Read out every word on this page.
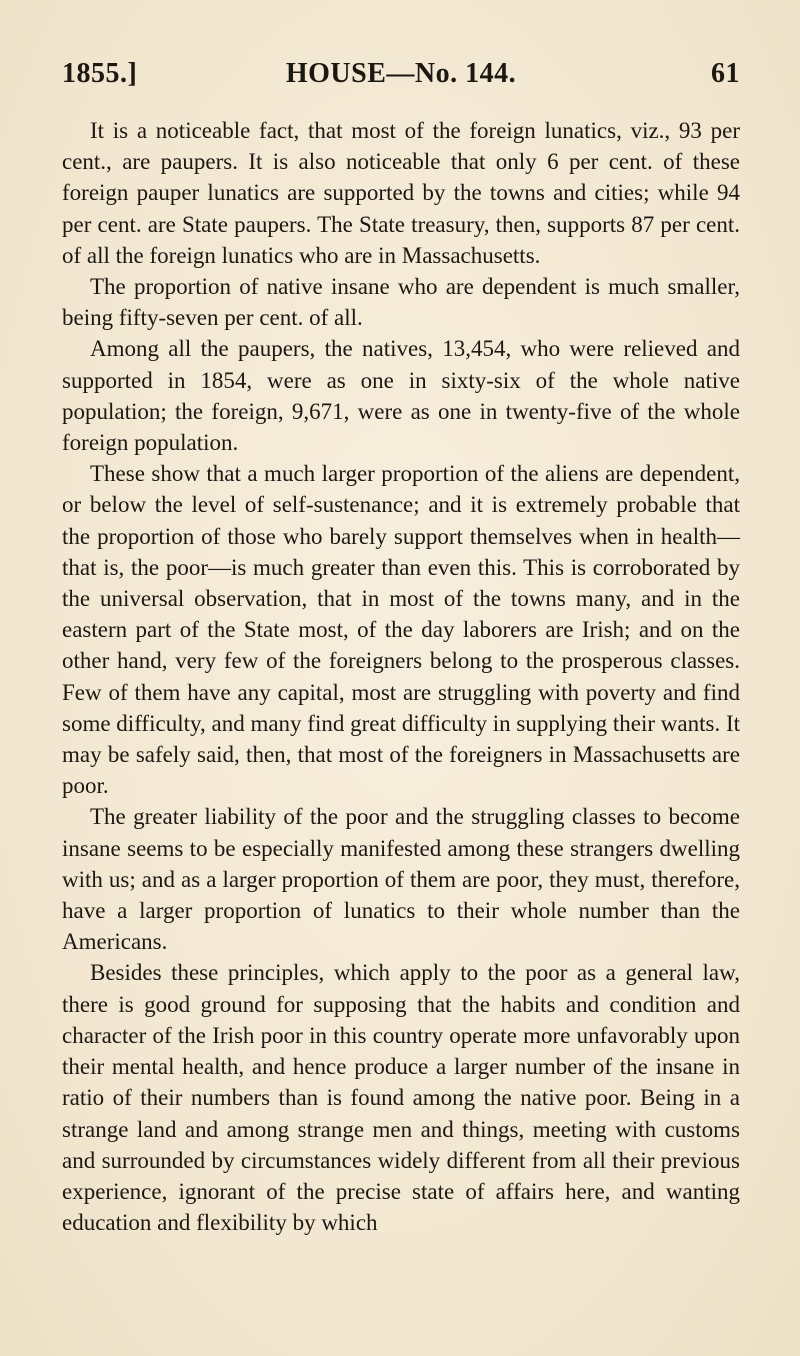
1855.]	HOUSE—No. 144.	61

It is a noticeable fact, that most of the foreign lunatics, viz., 93 per cent., are paupers. It is also noticeable that only 6 per cent. of these foreign pauper lunatics are supported by the towns and cities; while 94 per cent. are State paupers. The State treasury, then, supports 87 per cent. of all the foreign lunatics who are in Massachusetts.

The proportion of native insane who are dependent is much smaller, being fifty-seven per cent. of all.

Among all the paupers, the natives, 13,454, who were relieved and supported in 1854, were as one in sixty-six of the whole native population; the foreign, 9,671, were as one in twenty-five of the whole foreign population.

These show that a much larger proportion of the aliens are dependent, or below the level of self-sustenance; and it is extremely probable that the proportion of those who barely support themselves when in health—that is, the poor—is much greater than even this. This is corroborated by the universal observation, that in most of the towns many, and in the eastern part of the State most, of the day laborers are Irish; and on the other hand, very few of the foreigners belong to the prosperous classes. Few of them have any capital, most are struggling with poverty and find some difficulty, and many find great difficulty in supplying their wants. It may be safely said, then, that most of the foreigners in Massachusetts are poor.

The greater liability of the poor and the struggling classes to become insane seems to be especially manifested among these strangers dwelling with us; and as a larger proportion of them are poor, they must, therefore, have a larger proportion of lunatics to their whole number than the Americans.

Besides these principles, which apply to the poor as a general law, there is good ground for supposing that the habits and condition and character of the Irish poor in this country operate more unfavorably upon their mental health, and hence produce a larger number of the insane in ratio of their numbers than is found among the native poor. Being in a strange land and among strange men and things, meeting with customs and surrounded by circumstances widely different from all their previous experience, ignorant of the precise state of affairs here, and wanting education and flexibility by which
